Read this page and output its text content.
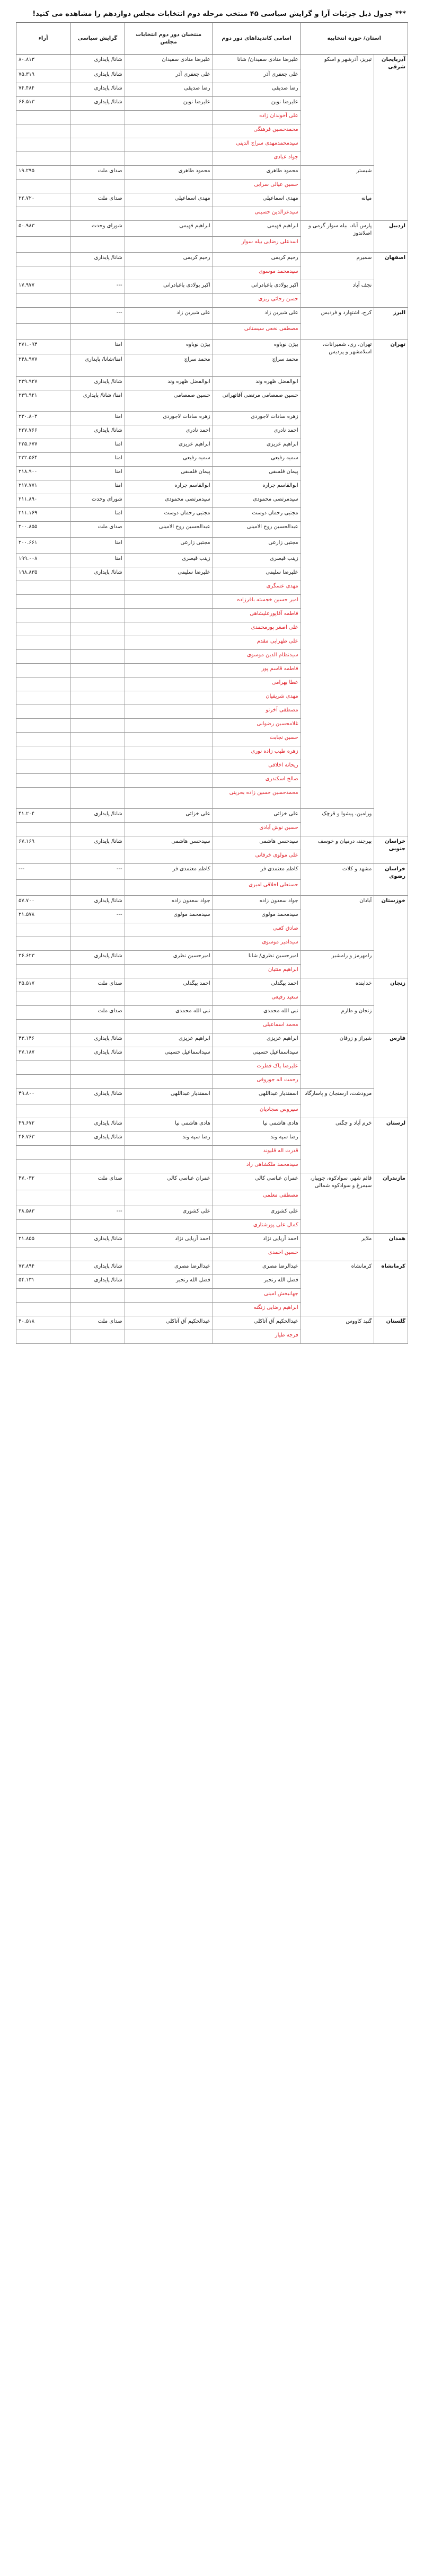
*** جدول ذیل جزئیات آرا و گرایش سیاسی ۴۵ منتخب مرحله دوم انتخابات مجلس دوازدهم را مشاهده می کنید!
استان/ حوزه انتخابیه		اسامی کاندیداهای دور دوم	منتخبان دور دوم انتخابات مجلس	گرایش سیاسی	آراء
آذربایجان شرقی	تبریز، آذرشهر و اسکو	علیرضا منادی سفیدان/ شانا	علیرضا منادی سفیدان	شانا/ پایداری	۸۰.۸۱۳
		علی جعفری آذر	علی جعفری آذر	شانا/ پایداری	۷۵.۳۱۹
		رضا صدیقی	رضا صدیقی	شانا/ پایداری	۷۴.۴۸۴
		علیرضا نوین	علیرضا نوین	شانا/ پایداری	۶۶.۵۱۳
		علی آخوندان زاده			
		محمدحسین فرهنگی			
		سیدمحمدمهدی سراج الدینی			
		جواد عبادی			
	شبستر	محمود طاهری	محمود طاهری	صدای ملت	۱۹.۲۹۵
		حسین عیالی سرابی			
	میانه	مهدی اسماعیلی	مهدی اسماعیلی	صدای ملت	۲۲.۷۲۰
		سیدعزالدین حسینی			
اردبیل	پارس آباد، بیله سوار گرمی و اصلاندوز	ابراهیم فهیمی	ابراهیم فهیمی	شورای وحدت	۵۰.۹۸۳
		اسدعلی رضایی بیله سوار			
اصفهان	سمیرم	رحیم کریمی	رحیم کریمی	شانا/ پایداری	
		سیدمحمد موسوی			
	نجف آباد	اکبر پولادی باغبادرانی	اکبر پولادی باغبادرانی	---	۱۷.۹۷۷
		حسن رجائی ریزی			
البرز	کرج، اشتهارد و فردیس	علی شیرین زاد	علی شیرین زاد	---	
		مصطفی نخعی سیستانی			
تهران	تهران، ری، شمیرانات، اسلامشهر و پردیس	بیژن نوباوه	بیژن نوباوه	امنا	۲۷۱.۰۹۴
		محمد سراج	محمد سراج	امنا/شانا/ پایداری	۲۴۸.۹۷۷
		ابوالفضل ظهره وند	ابوالفضل ظهره وند	شانا/ پایداری	۲۳۹.۹۲۷
		حسین صمصامی مرتضی آقاتهرانی	حسین صمصامی	امنا/ شانا/ پایداری	۲۳۹.۹۲۱
		زهره سادات لاجوردی	زهره سادات لاجوردی	امنا	۲۳۰.۸۰۳
		احمد نادری	احمد نادری	شانا/ پایداری	۲۲۷.۷۶۶
		ابراهیم عزیزی	ابراهیم عزیزی	امنا	۲۲۵.۶۷۷
		سمیه رفیعی	سمیه رفیعی	امنا	۲۲۲.۵۶۴
		پیمان فلسفی	پیمان فلسفی	امنا	۲۱۸.۹۰۰
		ابوالقاسم جراره	ابوالقاسم جراره	امنا	۲۱۷.۷۷۱
		سیدمرتضی محمودی	سیدمرتضی محمودی	شورای وحدت	۲۱۱.۸۹۰
		مجتبی رحمان دوست	مجتبی رحمان دوست	امنا	۲۱۱.۱۶۹
		عبدالحسین روح الامینی	عبدالحسین روح الامینی	صدای ملت	۲۰۰.۸۵۵
		مجتبی زارعی	مجتبی زارعی	امنا	۲۰۰.۶۶۱
		زینب قیصری	زینب قیصری	امنا	۱۹۹.۰۰۸
		علیرضا سلیمی	علیرضا سلیمی	شانا/ پایداری	۱۹۸.۸۳۵
		مهدی عسگری			
		امیر حسین خجسته باقرزاده			
		فاطمه آقاپورعلیشاهی			
		علی اصغر پورمحمدی			
		علی ظهرابی مقدم			
		سیدنظام الدین موسوی			
		فاطمه قاسم پور			
		عطا بهرامی			
		مهدی شریفیان			
		مصطفی آخرتو			
		غلامحسین رضوانی			
		حسین نجابت			
		زهره طیب زاده نوری			
		ریحانه اخلاقی			
		صالح اسکندری			
		محمدحسین حسین زاده بحرینی			
	ورامین، پیشوا و قرچک	علی خزائی	علی خزائی	شانا/ پایداری	۴۱.۲۰۴
		حسین نوش آبادی			
خراسان جنوبی	بیرجند، درمیان و خوسف	سیدحسن هاشمی	سیدحسن هاشمی	شانا/ پایداری	۶۷.۱۶۹
		علی مولوی خرقانی			
خراسان رضوی	مشهد و کلات	کاظم معتمدی فر	کاظم معتمدی فر	---	---
		حسنعلی اخلاقی امیری			
خوزستان	آبادان	جواد سعدون زاده	جواد سعدون زاده	شانا/ پایداری	۵۷.۷۰۰
		سیدمحمد مولوی	سیدمحمد مولوی	---	۲۱.۵۷۸
		صادق کعبی			
		سیدامیر موسوی			
	رامهرمز و رامشیر	امیرحسین نظری/ شانا	امیرحسین نظری	شانا/ پایداری	۳۶.۶۲۳
		ابراهیم منتیان			
زنجان	خدابنده	احمد بیگدلی	احمد بیگدلی	صدای ملت	۳۵.۵۱۷
		سعید رفیعی			
	زنجان و طارم	نبی الله محمدی	نبی الله محمدی	صدای ملت	
		محمد اسماعیلی			
فارس	شیراز و زرقان	ابراهیم عزیزی	ابراهیم عزیزی	شانا/ پایداری	۴۳.۱۴۶
		سیداسماعیل حسینی	سیداسماعیل حسینی	شانا/ پایداری	۳۷.۱۸۷
		علیرضا پاک فطرت			
		رحمت اله جوروفی			
	مرودشت، ارسنجان و پاسارگاد	اسفندیار عبداللهی	اسفندیار عبداللهی	شانا/ پایداری	۴۹.۸۰۰
		سیروس سجادیان			
لرستان	خرم آباد و چگنی	هادی هاشمی نیا	هادی هاشمی نیا	شانا/ پایداری	۴۹.۶۷۲
		رضا سپه وند	رضا سپه وند	شانا/ پایداری	۴۶.۷۶۳
		قدرت اله قلیوند			
		سیدمحمد ملکشاهی راد			
مازندران	قائم شهر، سوادکوه، جویبار، سیمرغ و سوادکوه شمالی	عمران عباسی کالی	عمران عباسی کالی	صدای ملت	۴۷.۰۳۲
		مصطفی معلمی			
		علی کشوری	علی کشوری	---	۳۸.۵۸۳
		کمال علی پورشتاری			
همدان	ملایر	احمد آریایی نژاد	احمد آریایی نژاد	شانا/ پایداری	۲۱.۸۵۵
		حسین احمدی			
کرمانشاه	کرمانشاه	عبدالرضا مصری	عبدالرضا مصری	شانا/ پایداری	۷۳.۸۹۴
		فضل الله رنجبر	فضل الله رنجبر	شانا/ پایداری	۵۴.۱۳۱
		جهانبخش امینی			
		ابراهیم رضایی زنگنه			
گلستان	گنبد کاووس	عبدالحکیم آق آتاکلی	عبدالحکیم آق آتاکلی	صدای ملت	۴۰.۵۱۸
		فرجه طیار			
